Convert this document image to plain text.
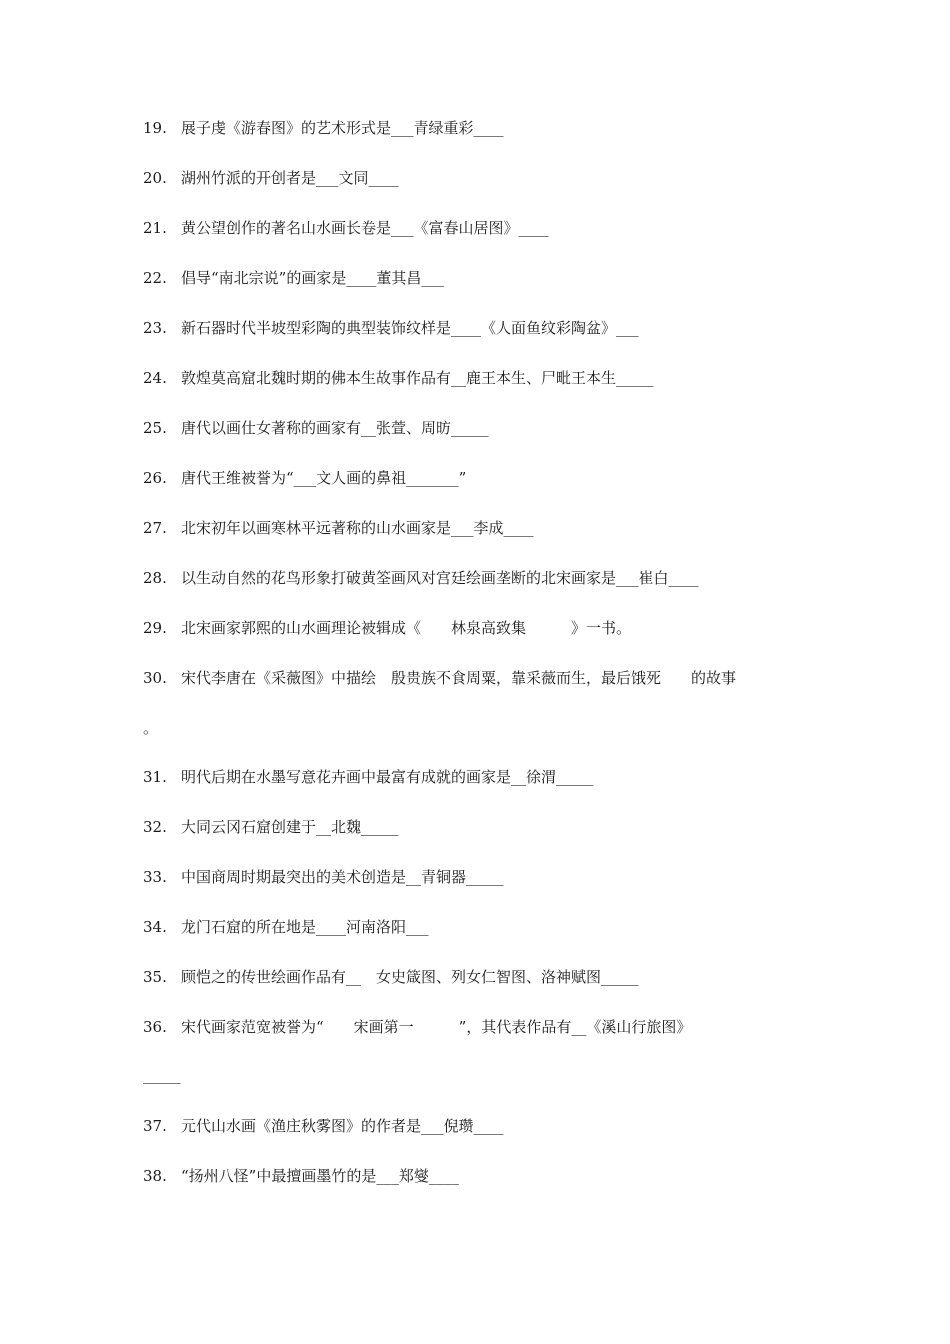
19. 展子虔《游春图》的艺术形式是___青绿重彩____
20. 湖州竹派的开创者是___文同____
21. 黄公望创作的著名山水画长卷是___《富春山居图》____
22. 倡导“南北宗说”的画家是____董其昌___
23. 新石器时代半坡型彩陶的典型装饰纹样是____《人面鱼纹彩陶盆》___
24. 敦煌莫高窟北魏时期的佛本生故事作品有__鹿王本生、尸毗王本生_____
25. 唐代以画仕女著称的画家有__张萱、周昉_____
26. 唐代王维被誉为“___文人画的鼻祖_______”
27. 北宋初年以画寒林平远著称的山水画家是___李成____
28. 以生动自然的花鸟形象打破黄筌画风对宫廷绘画垄断的北宋画家是___崔白____
29. 北宋画家郭熙的山水画理论被辑成《　　林泉高致集　　　》一书。
30. 宋代李唐在《采薇图》中描绘　殷贵族不食周粟，靠采薇而生，最后饿死　　的故事
。
31. 明代后期在水墨写意花卉画中最富有成就的画家是__徐渭_____
32. 大同云冈石窟创建于__北魏_____
33. 中国商周时期最突出的美术创造是__青铜器_____
34. 龙门石窟的所在地是____河南洛阳___
35. 顾恺之的传世绘画作品有__　女史箴图、列女仁智图、洛神赋图_____
36. 宋代画家范宽被誉为“　　宋画第一　　　”，其代表作品有__《溪山行旅图》
_____
37. 元代山水画《渔庄秋雾图》的作者是___倪瓒____
38. “扬州八怪”中最擅画墨竹的是___郑燮____
